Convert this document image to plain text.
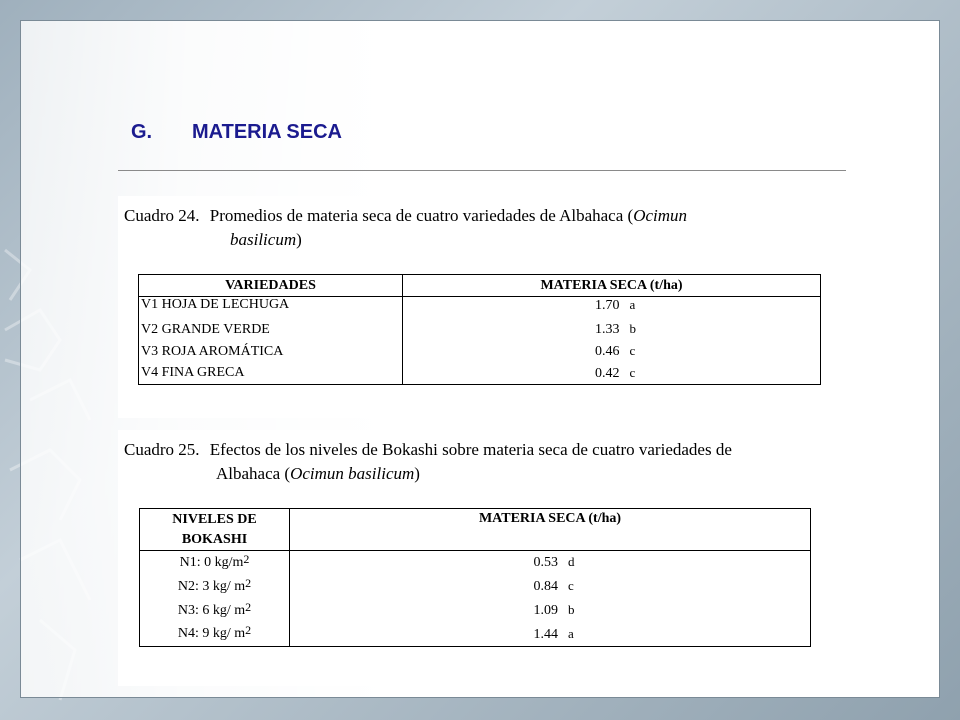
G. MATERIA SECA
Cuadro 24. Promedios de materia seca de cuatro variedades de Albahaca (Ocimun
basilicum)
VARIEDADES	MATERIA SECA (t/ha)
V1 HOJA DE LECHUGA	1.70 a
V2 GRANDE VERDE	1.33 b
V3 ROJA AROMÁTICA	0.46 c
V4 FINA GRECA	0.42 c
Cuadro 25. Efectos de los niveles de Bokashi sobre materia seca de cuatro variedades de
Albahaca (Ocimun basilicum)
NIVELES DE BOKASHI	MATERIA SECA (t/ha)
N1: 0 $kg/m^2$	0.53 d
N2: 3 kg/ $m^2$	0.84 c
N3: 6 kg/ $m^2$	1.09 b
N4: 9 kg/ $m^2$	1.44 a
